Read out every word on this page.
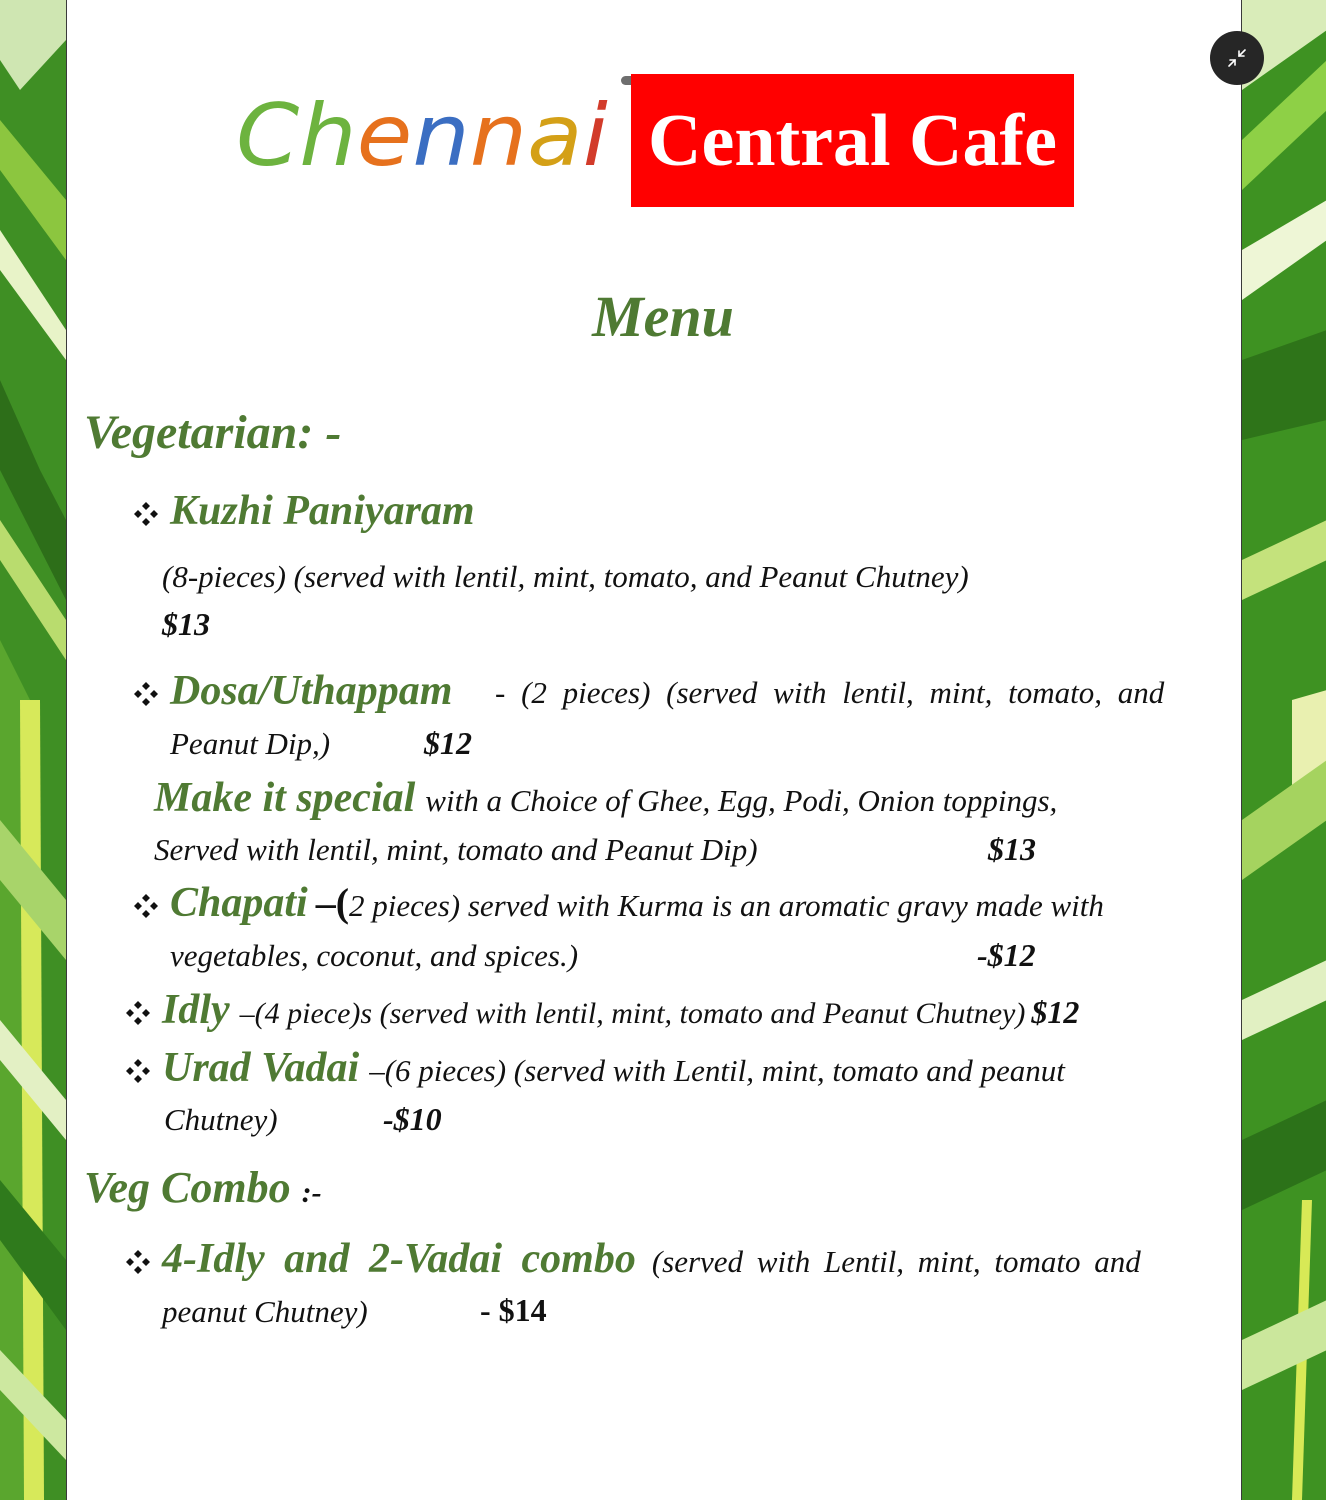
Chennai Central Cafe
Menu
Vegetarian: -
Kuzhi Paniyaram
(8-pieces) (served with lentil, mint, tomato, and Peanut Chutney)
$13
Dosa/Uthappam - (2 pieces) (served with lentil, mint, tomato, and
Peanut Dip,)	$12
Make it special with a Choice of Ghee, Egg, Podi, Onion toppings,
Served with lentil, mint, tomato and Peanut Dip)	$13
Chapati –( 2 pieces) served with Kurma is an aromatic gravy made with
vegetables, coconut, and spices.)	-$12
Idly –(4 piece)s (served with lentil, mint, tomato and Peanut Chutney) $12
Urad Vadai –(6 pieces) (served with Lentil, mint, tomato and peanut
Chutney)	-$10
Veg Combo :-
4-Idly and 2-Vadai combo (served with Lentil, mint, tomato and
peanut Chutney)	- $14
